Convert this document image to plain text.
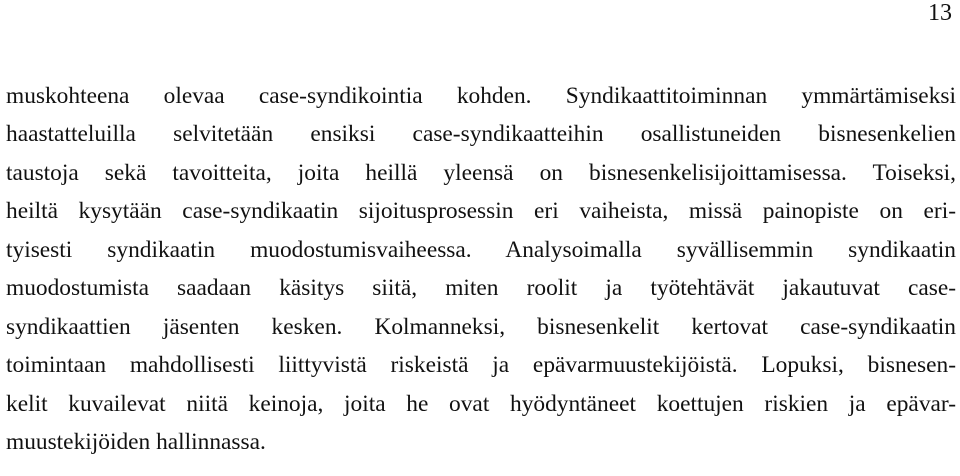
13
muskohteena olevaa case-syndikointia kohden. Syndikaattitoiminnan ymmärtämiseksi
haastatteluilla selvitetään ensiksi case-syndikaatteihin osallistuneiden bisnesenkelien
taustoja sekä tavoitteita, joita heillä yleensä on bisnesenkelisijoittamisessa. Toiseksi,
heiltä kysytään case-syndikaatin sijoitusprosessin eri vaiheista, missä painopiste on eri-
tyisesti syndikaatin muodostumisvaiheessa. Analysoimalla syvällisemmin syndikaatin
muodostumista saadaan käsitys siitä, miten roolit ja työtehtävät jakautuvat case-
syndikaattien jäsenten kesken. Kolmanneksi, bisnesenkelit kertovat case-syndikaatin
toimintaan mahdollisesti liittyvistä riskeistä ja epävarmuustekijöistä. Lopuksi, bisnesen-
kelit kuvailevat niitä keinoja, joita he ovat hyödyntäneet koettujen riskien ja epävar-
muustekijöiden hallinnassa.
